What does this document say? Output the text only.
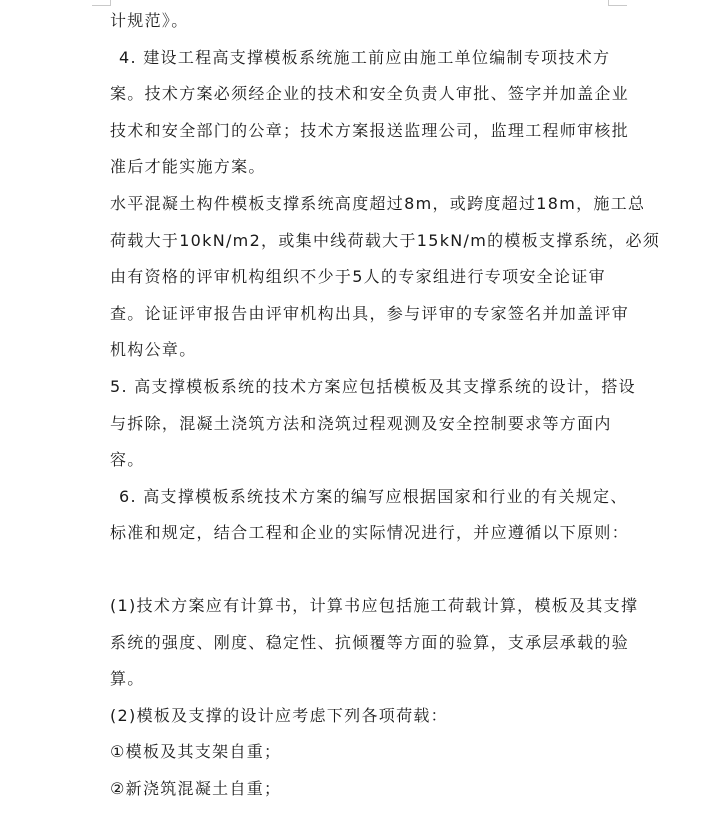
计规范》。
4. 建设工程高支撑模板系统施工前应由施工单位编制专项技术方
案。技术方案必须经企业的技术和安全负责人审批、签字并加盖企业
技术和安全部门的公章；技术方案报送监理公司，监理工程师审核批
准后才能实施方案。
水平混凝土构件模板支撑系统高度超过8m，或跨度超过18m，施工总
荷载大于10kN/m2，或集中线荷载大于15kN/m的模板支撑系统，必须
由有资格的评审机构组织不少于5人的专家组进行专项安全论证审
查。论证评审报告由评审机构出具，参与评审的专家签名并加盖评审
机构公章。
5. 高支撑模板系统的技术方案应包括模板及其支撑系统的设计，搭设
与拆除，混凝土浇筑方法和浇筑过程观测及安全控制要求等方面内
容。
6. 高支撑模板系统技术方案的编写应根据国家和行业的有关规定、
标准和规定，结合工程和企业的实际情况进行，并应遵循以下原则：
(1)技术方案应有计算书，计算书应包括施工荷载计算，模板及其支撑
系统的强度、刚度、稳定性、抗倾覆等方面的验算，支承层承载的验
算。
(2)模板及支撑的设计应考虑下列各项荷载：
①模板及其支架自重；
②新浇筑混凝土自重；
